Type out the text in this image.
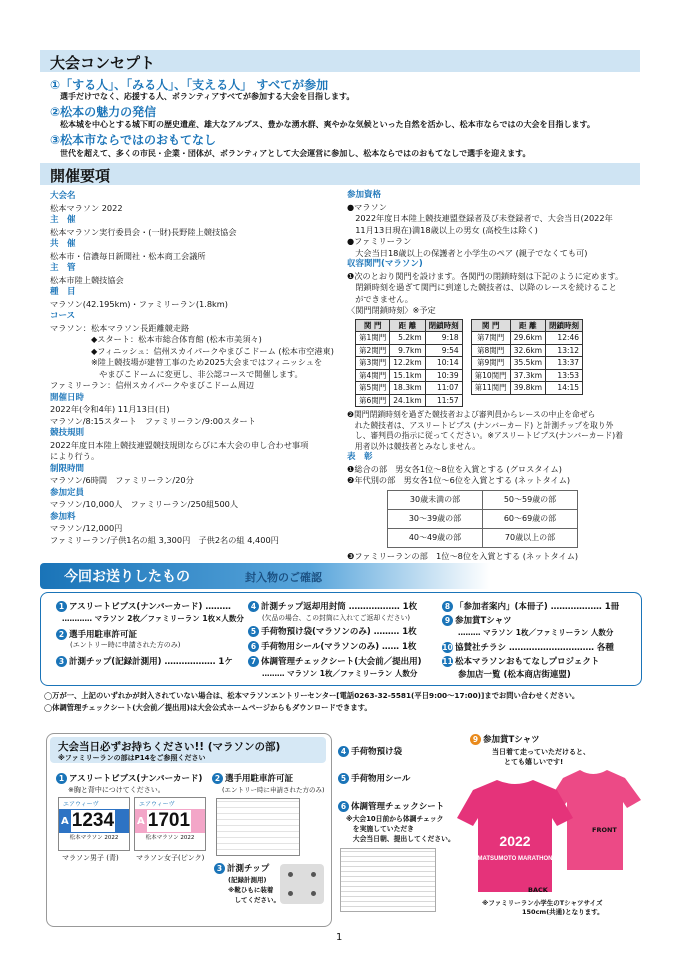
大会コンセプト
①「する人」、「みる人」、「支える人」 すべてが参加
選手だけでなく、応援する人、ボランティアすべてが参加する大会を目指します。
②松本の魅力の発信
松本城を中心とする城下町の歴史遺産、雄大なアルプス、豊かな湧水群、爽やかな気候といった自然を活かし、松本市ならではの大会を目指します。
③松本市ならではのおもてなし
世代を超えて、多くの市民・企業・団体が、ボランティアとして大会運営に参加し、松本ならではのおもてなしで選手を迎えます。
開催要項
大会名
松本マラソン 2022
主　催
松本マラソン実行委員会・(一財)長野陸上競技協会
共　催
松本市・信濃毎日新聞社・松本商工会議所
主　管
松本市陸上競技協会
種　目
マラソン(42.195km)・ファミリーラン(1.8km)
コース
マラソン：松本マラソン長距離競走路
　　　　　◆スタート：松本市総合体育館 (松本市美須々)
　　　　　◆フィニッシュ：信州スカイパークやまびこドーム (松本市空港東)
　　　　　※陸上競技場が建替工事のため2025大会まではフィニッシュを
　　　　　　やまびこドームに変更し、非公認コースで開催します。
ファミリーラン：信州スカイパークやまびこドーム周辺
開催日時
2022年(令和4年) 11月13日(日)
マラソン/8:15スタート　ファミリーラン/9:00スタート
競技規則
2022年度日本陸上競技連盟競技規則ならびに本大会の申し合わせ事項
により行う。
制限時間
マラソン/6時間　ファミリーラン/20分
参加定員
マラソン/10,000人　ファミリーラン/250組500人
参加料
マラソン/12,000円
ファミリーラン/子供1名の組 3,300円　子供2名の組 4,400円
参加資格
●マラソン
　2022年度日本陸上競技連盟登録者及び未登録者で、大会当日(2022年
　11月13日現在)満18歳以上の男女 (高校生は除く)
●ファミリーラン
　大会当日18歳以上の保護者と小学生のペア (親子でなくても可)
収容関門(マラソン)
❶次のとおり関門を設けます。各関門の閉鎖時刻は下記のように定めます。
　閉鎖時刻を過ぎて関門に到達した競技者は、以降のレースを続けること
　ができません。
〈関門閉鎖時刻〉※予定
関 門	距 離	閉鎖時刻
第1関門	5.2km	9:18
第2関門	9.7km	9:54
第3関門	12.2km	10:14
第4関門	15.1km	10:39
第5関門	18.3km	11:07
第6関門	24.1km	11:57
関 門	距 離	閉鎖時刻
第7関門	29.6km	12:46
第8関門	32.6km	13:12
第9関門	35.5km	13:37
第10関門	37.3km	13:53
第11関門	39.8km	14:15
❷関門閉鎖時刻を過ぎた競技者および審判員からレースの中止を命ぜら
　れた競技者は、アスリートビブス (ナンバーカード) と計測チップを取り外
　し、審判員の指示に従ってください。※アスリートビブス(ナンバーカード)着
　用者以外は競技者とみなしません。
表　彰
❶総合の部　男女各1位〜8位を入賞とする (グロスタイム)
❷年代別の部　男女各1位〜6位を入賞とする (ネットタイム)
30歳未満の部	50〜59歳の部
30〜39歳の部	60〜69歳の部
40〜49歳の部	70歳以上の部
❸ファミリーランの部　1位〜8位を入賞とする (ネットタイム)
今回お送りしたもの	封入物のご確認
1 アスリートビブス(ナンバーカード) ………
………… マラソン 2枚／ファミリーラン 1枚×人数分
2 選手用駐車許可証
(エントリー時に申請された方のみ)
3 計測チップ(記録計測用) ……………… 1ケ
4 計測チップ返却用封筒 ……………… 1枚
(欠品の場合、この封筒に入れてご返却ください)
5 手荷物預け袋(マラソンのみ) ……… 1枚
6 手荷物用シール(マラソンのみ) …… 1枚
7 体調管理チェックシート(大会前／提出用)
……… マラソン 1枚／ファミリーラン 人数分
8 「参加者案内」(本冊子) ……………… 1冊
9 参加賞Tシャツ
……… マラソン 1枚／ファミリーラン 人数分
10 協賛社チラシ ………………………… 各種
11 松本マラソンおもてなしプロジェクト
参加店一覧 (松本商店街連盟)
◯万が一、上記のいずれかが封入されていない場合は、松本マラソンエントリーセンター[電話0263-32-5581(平日9:00〜17:00)]までお問い合わせください。
◯体調管理チェックシート(大会前／提出用)は大会公式ホームページからもダウンロードできます。
大会当日必ずお持ちください!! (マラソンの部)
※ファミリーランの部はP14をご参照ください
1 アスリートビブス(ナンバーカード)
※胸と背中につけてください。
エアウィーヴ
A 1234
松本マラソン 2022
マラソン男子 (青)
エアウィーヴ
A 1701
松本マラソン 2022
マラソン女子(ピンク)
2 選手用駐車許可証
(エントリー時に申請された方のみ)
3 計測チップ
(記録計測用)
※靴ひもに装着
　してください。
4 手荷物預け袋
5 手荷物用シール
6 体調管理チェックシート
※大会10日前から体調チェック
　を実施していただき
　大会当日朝、提出してください。
9 参加賞Tシャツ
当日着て走っていただけると、
とても嬉しいです!
2022
MATSUMOTO MARATHON
FRONT
BACK
※ファミリーラン小学生のTシャツサイズ
150cm(共通)となります。
1
